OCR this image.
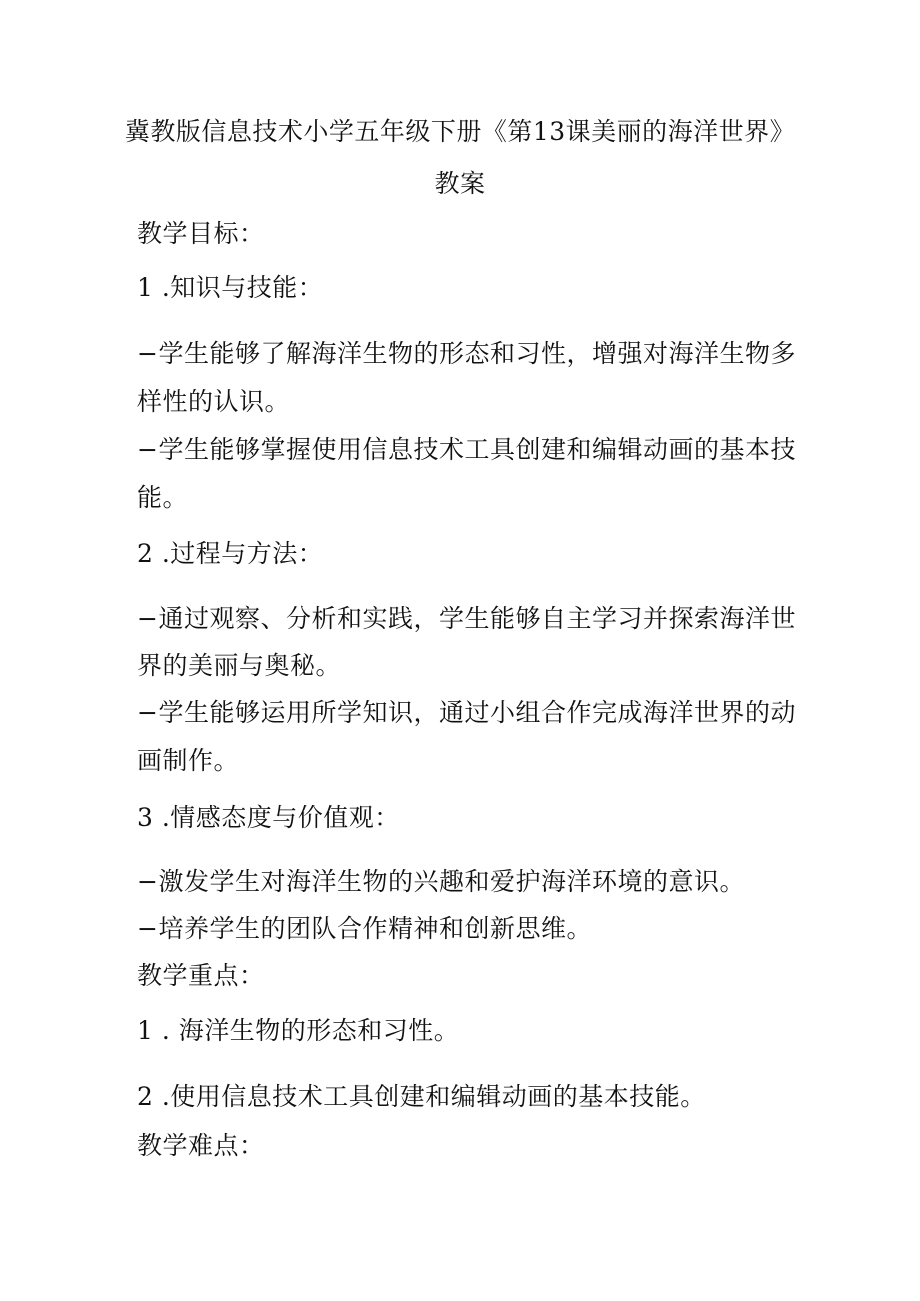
冀教版信息技术小学五年级下册《第13课美丽的海洋世界》
教案
教学目标：
1 .知识与技能：
−学生能够了解海洋生物的形态和习性，增强对海洋生物多
样性的认识。
−学生能够掌握使用信息技术工具创建和编辑动画的基本技
能。
2 .过程与方法：
−通过观察、分析和实践，学生能够自主学习并探索海洋世
界的美丽与奥秘。
−学生能够运用所学知识，通过小组合作完成海洋世界的动
画制作。
3 .情感态度与价值观：
−激发学生对海洋生物的兴趣和爱护海洋环境的意识。
−培养学生的团队合作精神和创新思维。
教学重点：
1 . 海洋生物的形态和习性。
2 .使用信息技术工具创建和编辑动画的基本技能。
教学难点：
